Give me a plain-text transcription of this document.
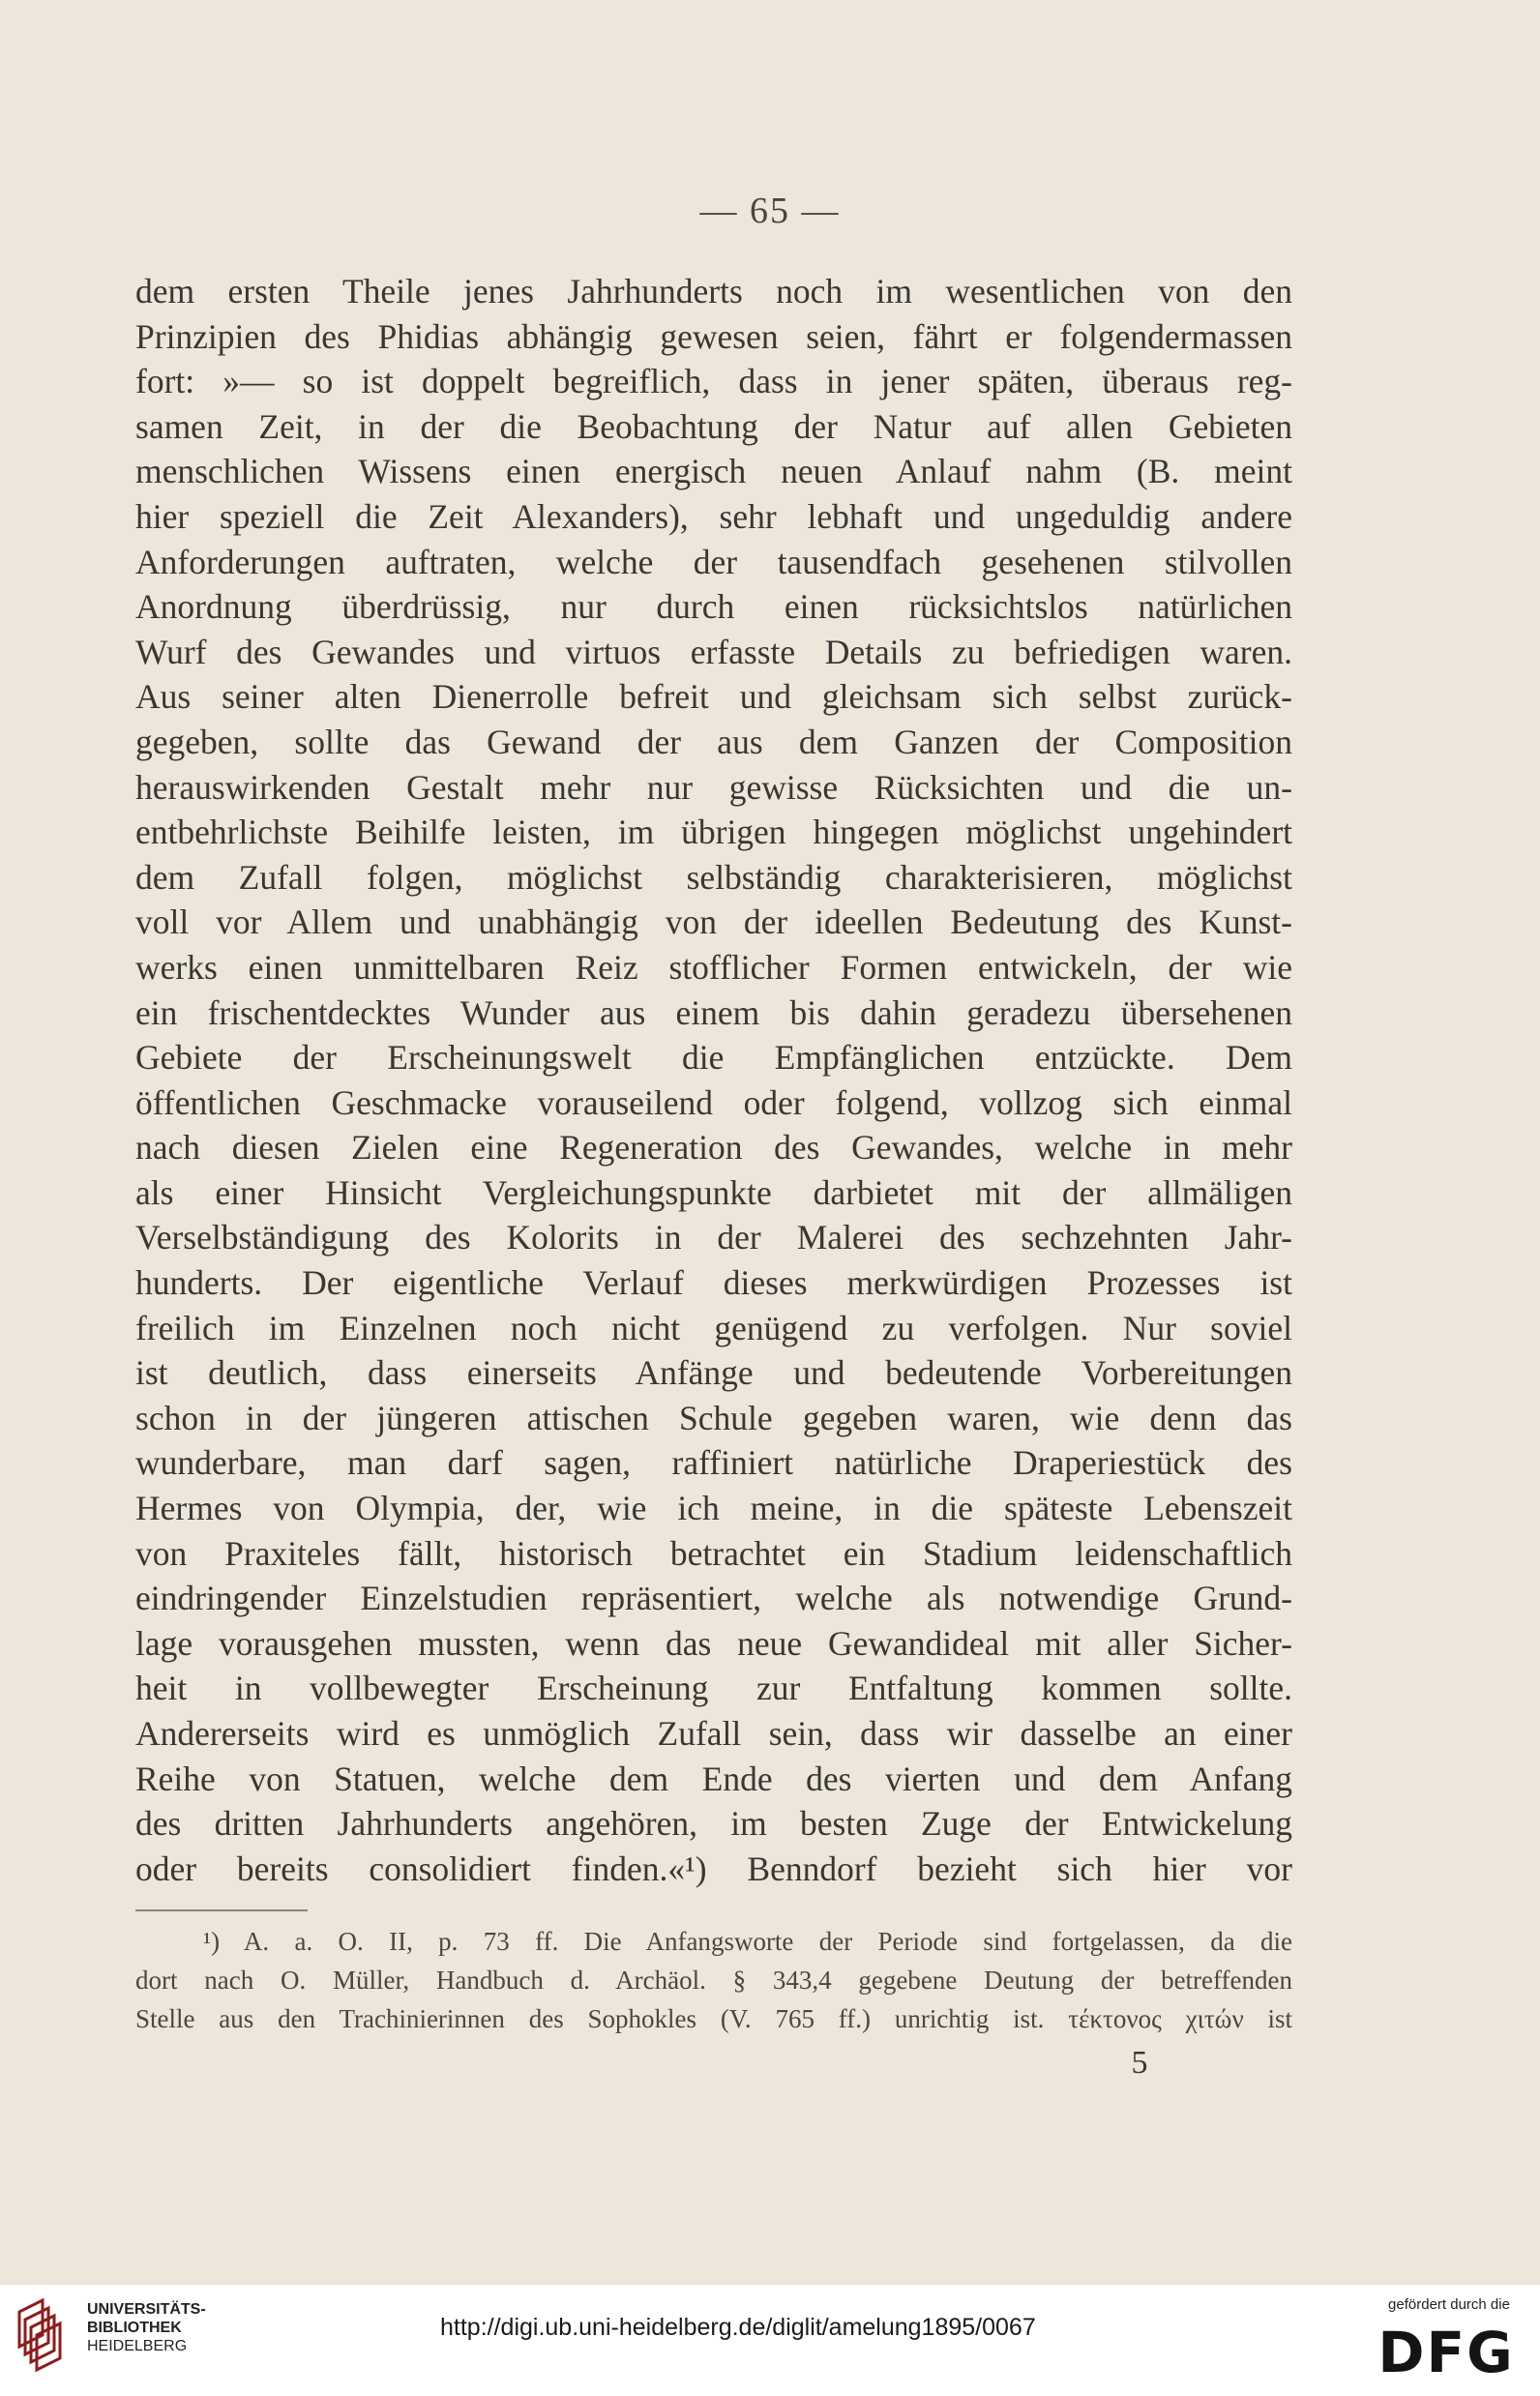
— 65 —
dem ersten Theile jenes Jahrhunderts noch im wesentlichen von den
Prinzipien des Phidias abhängig gewesen seien, fährt er folgendermassen
fort: »— so ist doppelt begreiflich, dass in jener späten, überaus reg-
samen Zeit, in der die Beobachtung der Natur auf allen Gebieten
menschlichen Wissens einen energisch neuen Anlauf nahm (B. meint
hier speziell die Zeit Alexanders), sehr lebhaft und ungeduldig andere
Anforderungen auftraten, welche der tausendfach gesehenen stilvollen
Anordnung überdrüssig, nur durch einen rücksichtslos natürlichen
Wurf des Gewandes und virtuos erfasste Details zu befriedigen waren.
Aus seiner alten Dienerrolle befreit und gleichsam sich selbst zurück-
gegeben, sollte das Gewand der aus dem Ganzen der Composition
herauswirkenden Gestalt mehr nur gewisse Rücksichten und die un-
entbehrlichste Beihilfe leisten, im übrigen hingegen möglichst ungehindert
dem Zufall folgen, möglichst selbständig charakterisieren, möglichst
voll vor Allem und unabhängig von der ideellen Bedeutung des Kunst-
werks einen unmittelbaren Reiz stofflicher Formen entwickeln, der wie
ein frischentdecktes Wunder aus einem bis dahin geradezu übersehenen
Gebiete der Erscheinungswelt die Empfänglichen entzückte. Dem
öffentlichen Geschmacke vorauseilend oder folgend, vollzog sich einmal
nach diesen Zielen eine Regeneration des Gewandes, welche in mehr
als einer Hinsicht Vergleichungspunkte darbietet mit der allmäligen
Verselbständigung des Kolorits in der Malerei des sechzehnten Jahr-
hunderts. Der eigentliche Verlauf dieses merkwürdigen Prozesses ist
freilich im Einzelnen noch nicht genügend zu verfolgen. Nur soviel
ist deutlich, dass einerseits Anfänge und bedeutende Vorbereitungen
schon in der jüngeren attischen Schule gegeben waren, wie denn das
wunderbare, man darf sagen, raffiniert natürliche Draperiestück des
Hermes von Olympia, der, wie ich meine, in die späteste Lebenszeit
von Praxiteles fällt, historisch betrachtet ein Stadium leidenschaftlich
eindringender Einzelstudien repräsentiert, welche als notwendige Grund-
lage vorausgehen mussten, wenn das neue Gewandideal mit aller Sicher-
heit in vollbewegter Erscheinung zur Entfaltung kommen sollte.
Andererseits wird es unmöglich Zufall sein, dass wir dasselbe an einer
Reihe von Statuen, welche dem Ende des vierten und dem Anfang
des dritten Jahrhunderts angehören, im besten Zuge der Entwickelung
oder bereits consolidiert finden.«¹) Benndorf bezieht sich hier vor
¹) A. a. O. II, p. 73 ff. Die Anfangsworte der Periode sind fortgelassen, da die
dort nach O. Müller, Handbuch d. Archäol. § 343,4 gegebene Deutung der betreffenden
Stelle aus den Trachinierinnen des Sophokles (V. 765 ff.) unrichtig ist. τέκτονος χιτών ist
5
UNIVERSITÄTS-
BIBLIOTHEK
HEIDELBERG
http://digi.ub.uni-heidelberg.de/diglit/amelung1895/0067
gefördert durch die
DFG
